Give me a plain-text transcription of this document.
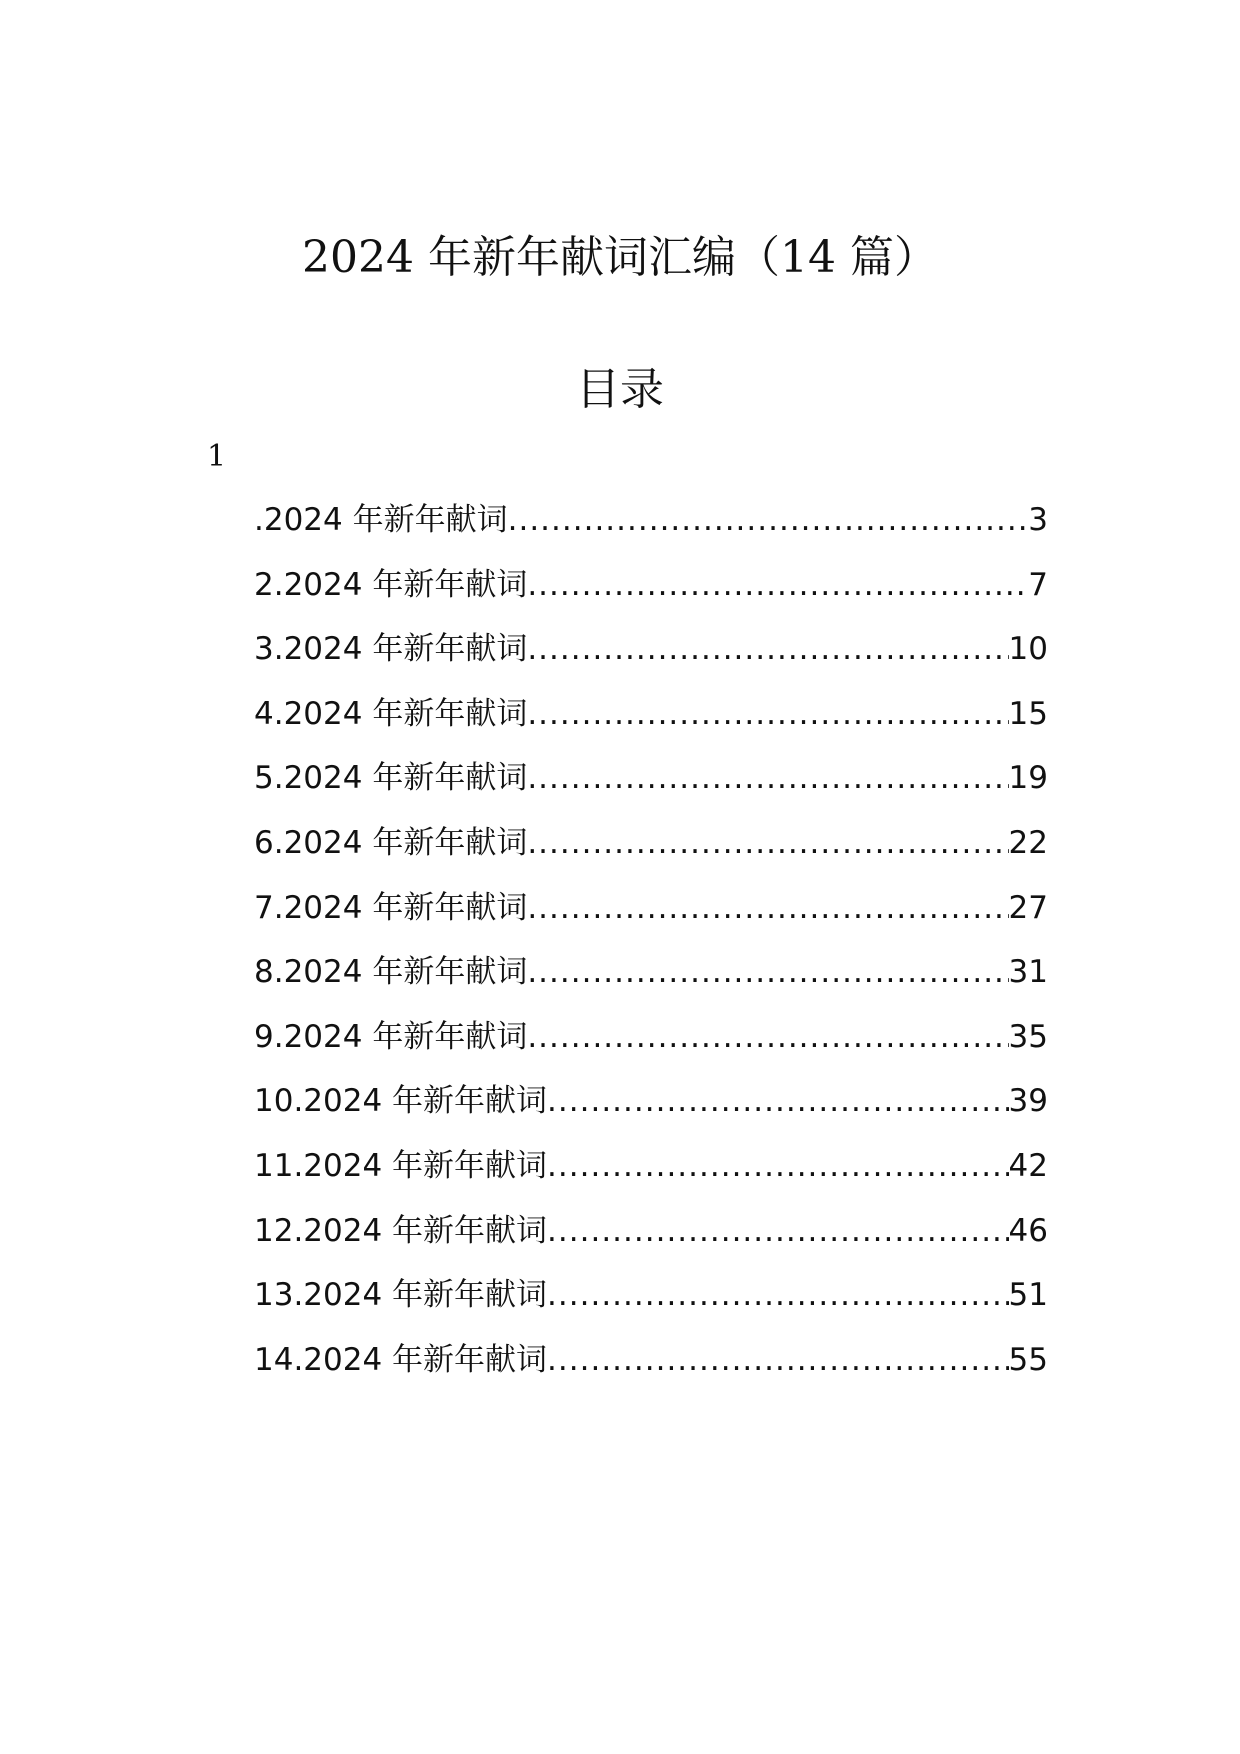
2024 年新年献词汇编（14 篇）
目录
1
.2024 年新年献词 .....	3
2.2024 年新年献词 .....	7
3.2024 年新年献词 .....	10
4.2024 年新年献词 .....	15
5.2024 年新年献词 .....	19
6.2024 年新年献词 .....	22
7.2024 年新年献词 .....	27
8.2024 年新年献词 .....	31
9.2024 年新年献词 .....	35
10.2024 年新年献词 .....	39
11.2024 年新年献词 .....	42
12.2024 年新年献词 .....	46
13.2024 年新年献词 .....	51
14.2024 年新年献词 .....	55
